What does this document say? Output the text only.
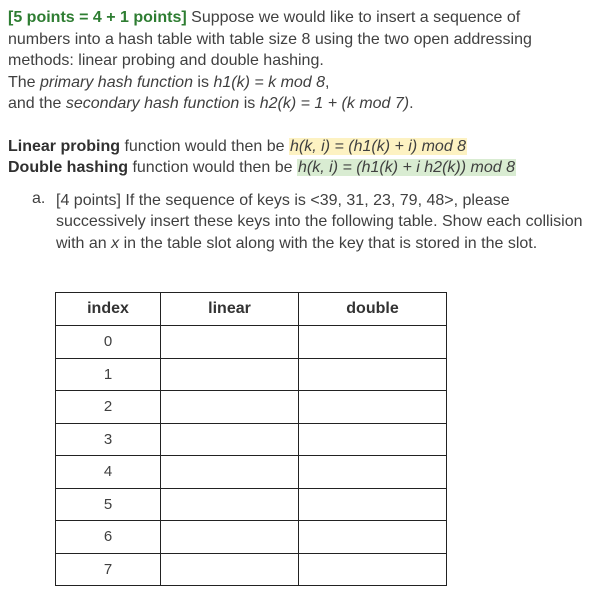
[5 points = 4 + 1 points] Suppose we would like to insert a sequence of
numbers into a hash table with table size 8 using the two open addressing
methods: linear probing and double hashing.
The primary hash function is h1(k) = k mod 8,
and the secondary hash function is h2(k) = 1 + (k mod 7).
Linear probing function would then be h(k, i) = (h1(k) + i) mod 8
Double hashing function would then be h(k, i) = (h1(k) + i h2(k)) mod 8
a. [4 points] If the sequence of keys is <39, 31, 23, 79, 48>, please
successively insert these keys into the following table. Show each collision
with an x in the table slot along with the key that is stored in the slot.
index	linear	double
0		
1		
2		
3		
4		
5		
6		
7		
